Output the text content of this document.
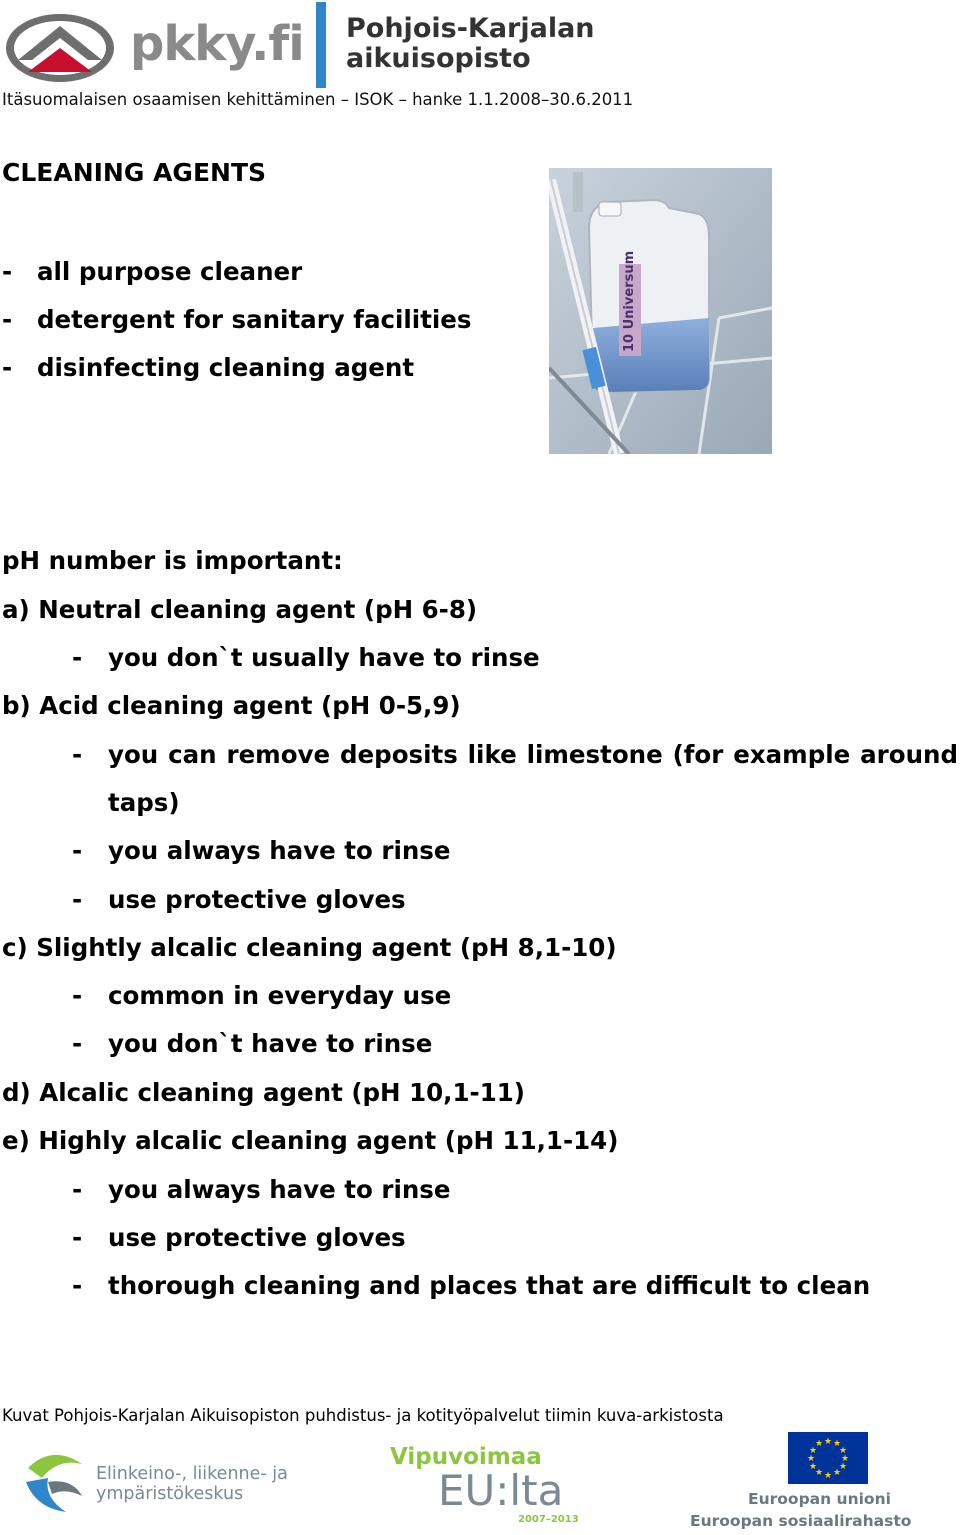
pkky.fi Pohjois-Karjalan
aikuisopisto
Itäsuomalaisen osaamisen kehittäminen – ISOK – hanke 1.1.2008–30.6.2011
CLEANING AGENTS
- all purpose cleaner
- detergent for sanitary facilities
- disinfecting cleaning agent
10 Universum
pH number is important:
a) Neutral cleaning agent (pH 6-8)
- you don`t usually have to rinse
b) Acid cleaning agent (pH 0-5,9)
- you can remove deposits like limestone (for example around
taps)
- you always have to rinse
- use protective gloves
c) Slightly alcalic cleaning agent (pH 8,1-10)
- common in everyday use
- you don`t have to rinse
d) Alcalic cleaning agent (pH 10,1-11)
e) Highly alcalic cleaning agent (pH 11,1-14)
- you always have to rinse
- use protective gloves
- thorough cleaning and places that are difficult to clean
Kuvat Pohjois-Karjalan Aikuisopiston puhdistus- ja kotityöpalvelut tiimin kuva-arkistosta
Elinkeino-, liikenne- ja
ympäristökeskus
Vipuvoimaa
EU:lta
2007–2013
★ ★
★
★
★
★
★
★
★
★
★
★
Euroopan unioni
Euroopan sosiaalirahasto
